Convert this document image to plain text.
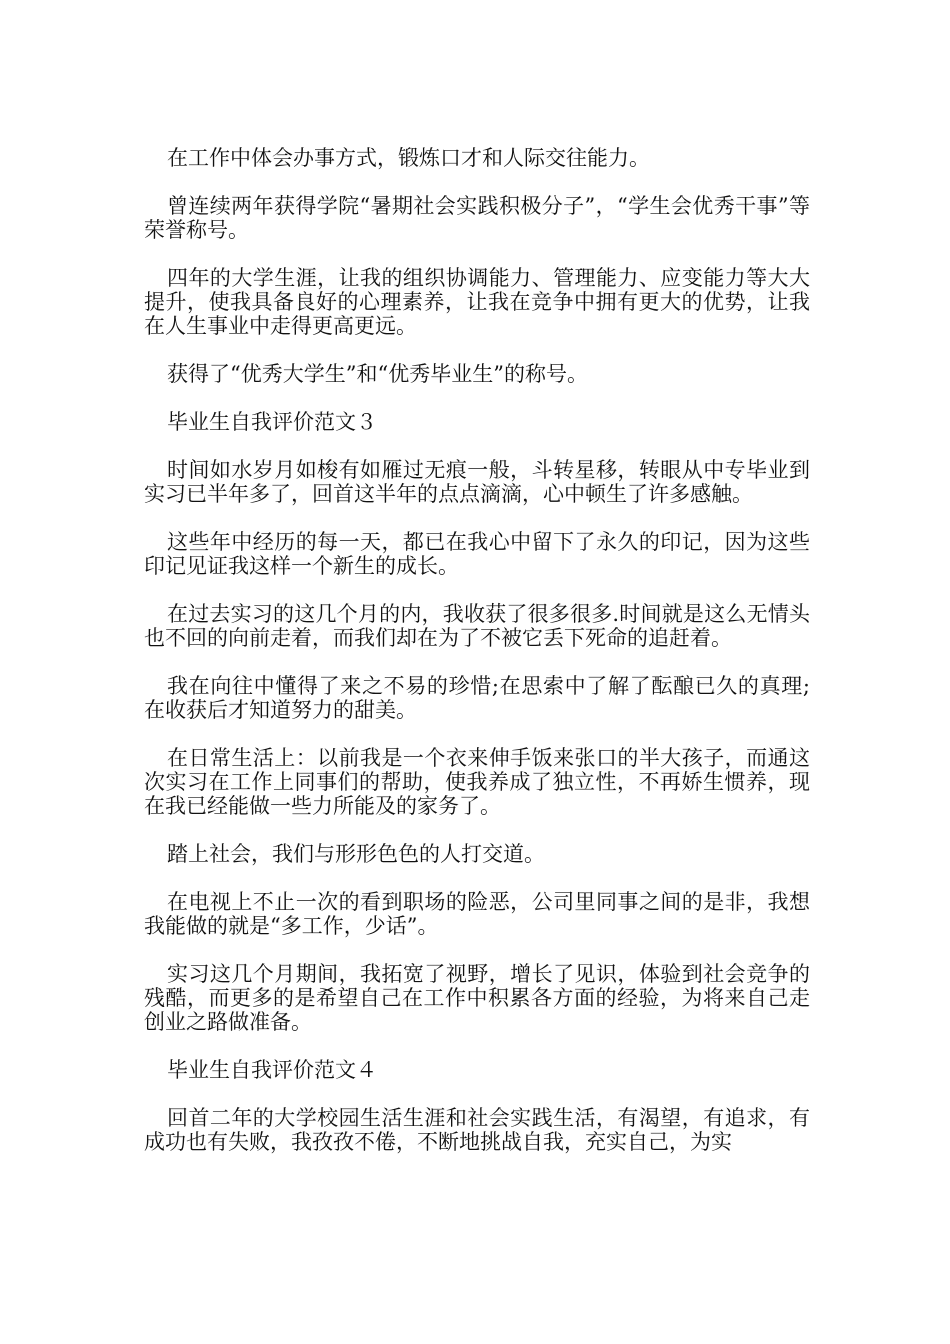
在工作中体会办事方式，锻炼口才和人际交往能力。

曾连续两年获得学院“暑期社会实践积极分子”，“学生会优秀干事”等荣誉称号。

四年的大学生涯，让我的组织协调能力、管理能力、应变能力等大大提升，使我具备良好的心理素养，让我在竞争中拥有更大的优势，让我在人生事业中走得更高更远。

获得了“优秀大学生”和“优秀毕业生”的称号。

毕业生自我评价范文３

时间如水岁月如梭有如雁过无痕一般，斗转星移，转眼从中专毕业到实习已半年多了，回首这半年的点点滴滴，心中顿生了许多感触。

这些年中经历的每一天，都已在我心中留下了永久的印记，因为这些印记见证我这样一个新生的成长。

在过去实习的这几个月的内，我收获了很多很多.时间就是这么无情头也不回的向前走着，而我们却在为了不被它丢下死命的追赶着。

我在向往中懂得了来之不易的珍惜;在思索中了解了酝酿已久的真理;在收获后才知道努力的甜美。

在日常生活上：以前我是一个衣来伸手饭来张口的半大孩子，而通这次实习在工作上同事们的帮助，使我养成了独立性，不再娇生惯养，现在我已经能做一些力所能及的家务了。

踏上社会，我们与形形色色的人打交道。

在电视上不止一次的看到职场的险恶，公司里同事之间的是非，我想我能做的就是“多工作，少话”。

实习这几个月期间，我拓宽了视野，增长了见识，体验到社会竞争的残酷，而更多的是希望自己在工作中积累各方面的经验，为将来自己走创业之路做准备。

毕业生自我评价范文４

回首二年的大学校园生活生涯和社会实践生活，有渴望，有追求，有成功也有失败，我孜孜不倦，不断地挑战自我，充实自己，为实
